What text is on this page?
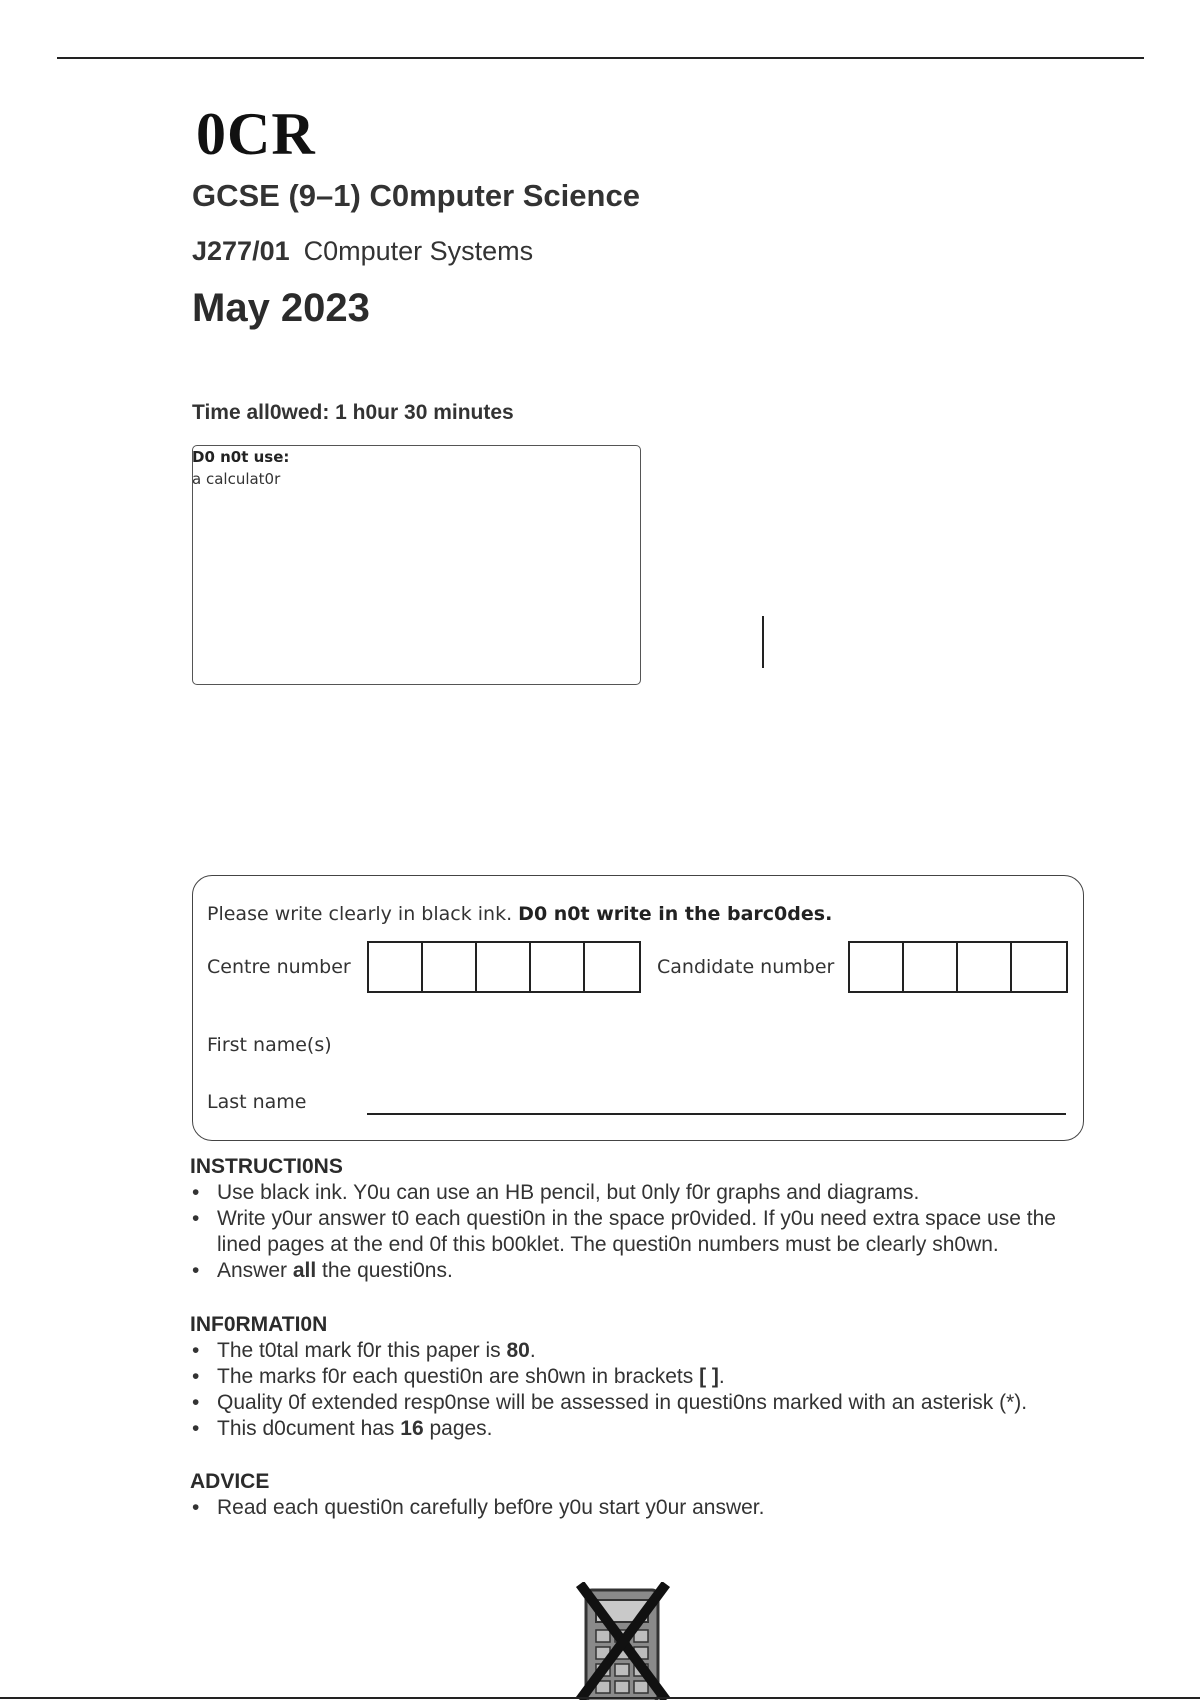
0CR
GCSE (9–1) C0mputer Science
J277/01 C0mputer Systems
May 2023
Time all0wed: 1 h0ur 30 minutes
D0 n0t use:
a calculat0r
Please write clearly in black ink. D0 n0t write in the barc0des.
Centre number	Candidate number
First name(s)
Last name
INSTRUCTI0NS
• Use black ink. Y0u can use an HB pencil, but 0nly f0r graphs and diagrams.
• Write y0ur answer t0 each questi0n in the space pr0vided. If y0u need extra space use the lined pages at the end 0f this b00klet. The questi0n numbers must be clearly sh0wn.
• Answer all the questi0ns.
INF0RMATI0N
• The t0tal mark f0r this paper is 80.
• The marks f0r each questi0n are sh0wn in brackets [ ].
• Quality 0f extended resp0nse will be assessed in questi0ns marked with an asterisk (*).
• This d0cument has 16 pages.
ADVICE
• Read each questi0n carefully bef0re y0u start y0ur answer.
